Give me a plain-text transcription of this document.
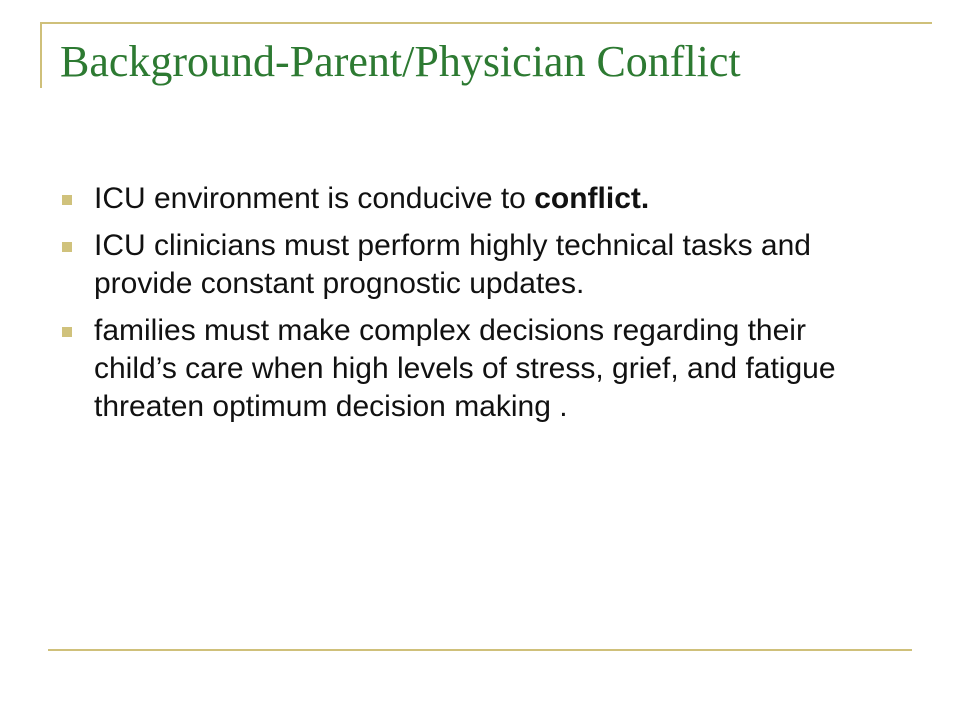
Background-Parent/Physician Conflict
ICU environment is conducive to conflict.
ICU clinicians must perform highly technical tasks and provide constant prognostic updates.
families must make complex decisions regarding their child’s care when high levels of stress, grief, and fatigue threaten optimum decision making .
